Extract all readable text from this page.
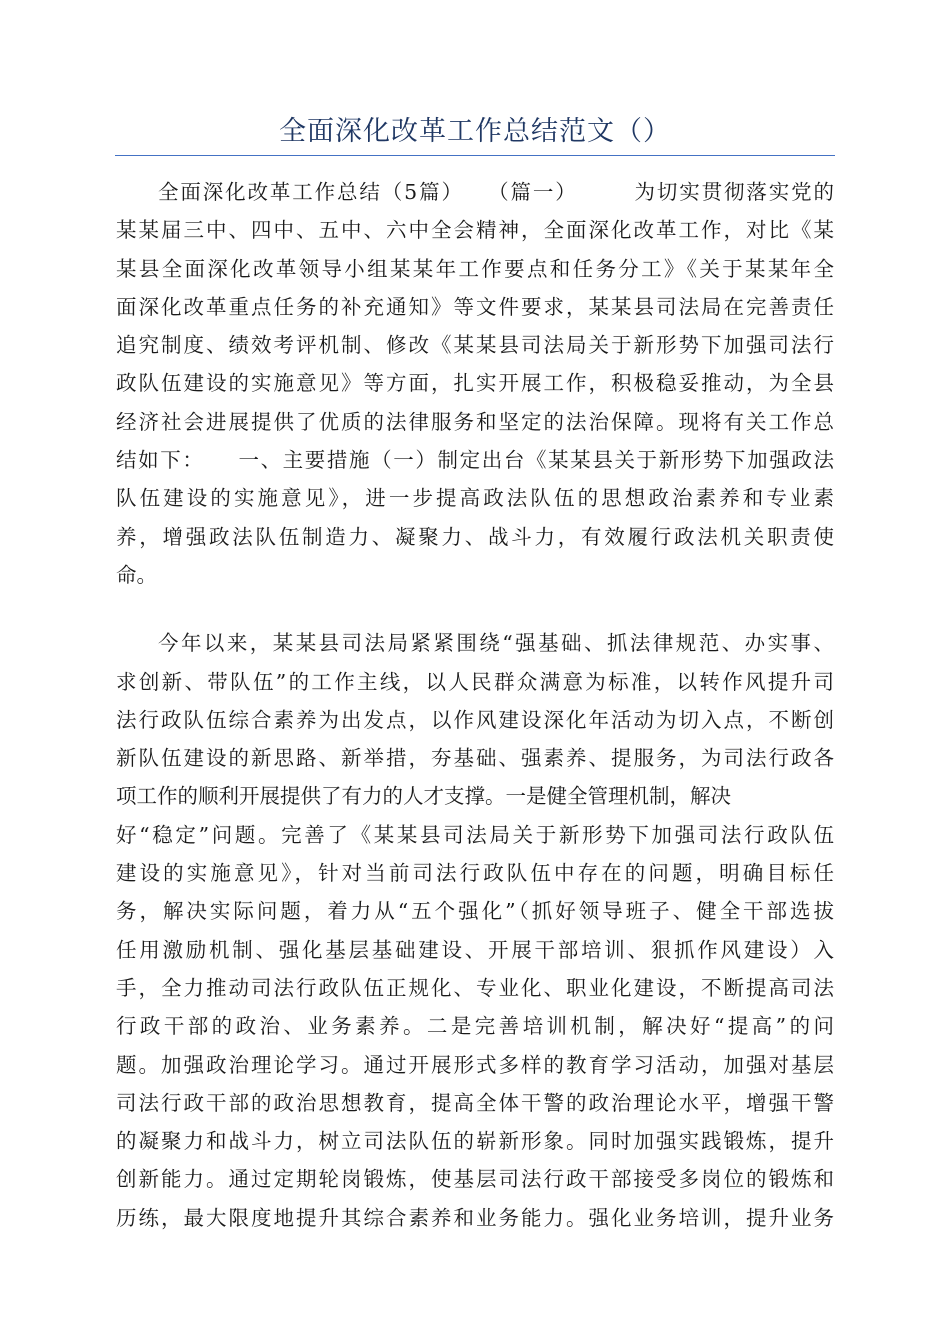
全面深化改革工作总结范文（）

全面深化改革工作总结（5篇）　　（篇一）　　　为切实贯彻落实党的
某某届三中、四中、五中、六中全会精神，全面深化改革工作，对比《某
某县全面深化改革领导小组某某年工作要点和任务分工》《关于某某年全
面深化改革重点任务的补充通知》等文件要求，某某县司法局在完善责任
追究制度、绩效考评机制、修改《某某县司法局关于新形势下加强司法行
政队伍建设的实施意见》等方面，扎实开展工作，积极稳妥推动，为全县
经济社会进展提供了优质的法律服务和坚定的法治保障。现将有关工作总
结如下：　　一、主要措施（一）制定出台《某某县关于新形势下加强政法
队伍建设的实施意见》，进一步提高政法队伍的思想政治素养和专业素
养，增强政法队伍制造力、凝聚力、战斗力，有效履行政法机关职责使
命。

今年以来，某某县司法局紧紧围绕“强基础、抓法律规范、办实事、
求创新、带队伍”的工作主线，以人民群众满意为标准，以转作风提升司
法行政队伍综合素养为出发点，以作风建设深化年活动为切入点，不断创
新队伍建设的新思路、新举措，夯基础、强素养、提服务，为司法行政各
项工作的顺利开展提供了有力的人才支撑。一是健全管理机制，解决
好“稳定”问题。完善了《某某县司法局关于新形势下加强司法行政队伍
建设的实施意见》，针对当前司法行政队伍中存在的问题，明确目标任
务，解决实际问题，着力从“五个强化”（抓好领导班子、健全干部选拔
任用激励机制、强化基层基础建设、开展干部培训、狠抓作风建设）入
手，全力推动司法行政队伍正规化、专业化、职业化建设，不断提高司法
行政干部的政治、业务素养。二是完善培训机制，解决好“提高”的问
题。加强政治理论学习。通过开展形式多样的教育学习活动，加强对基层
司法行政干部的政治思想教育，提高全体干警的政治理论水平，增强干警
的凝聚力和战斗力，树立司法队伍的崭新形象。同时加强实践锻炼，提升
创新能力。通过定期轮岗锻炼，使基层司法行政干部接受多岗位的锻炼和
历练，最大限度地提升其综合素养和业务能力。强化业务培训，提升业务
